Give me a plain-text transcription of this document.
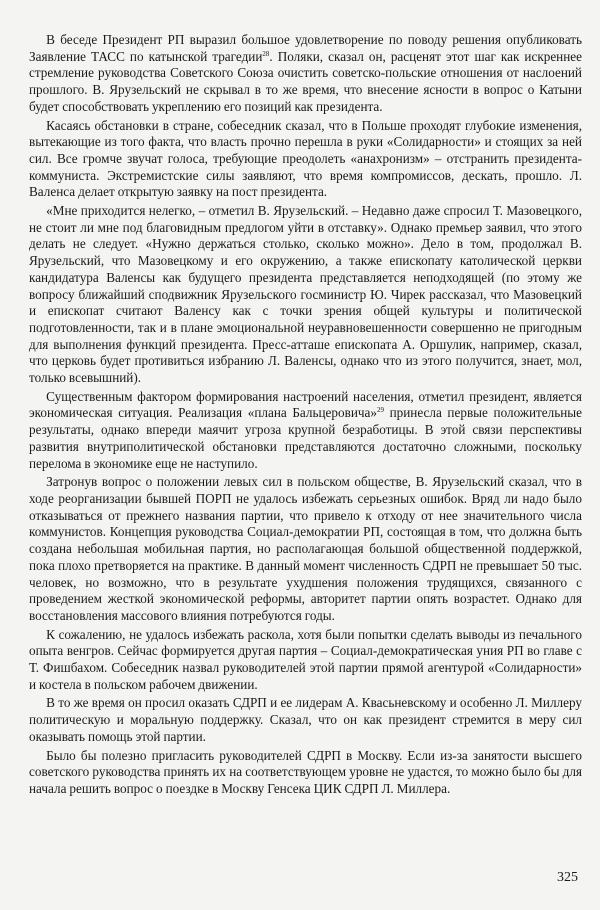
В беседе Президент РП выразил большое удовлетворение по поводу решения опубликовать Заявление ТАСС по катынской трагедии$^{28}$. Поляки, сказал он, расценят этот шаг как искреннее стремление руководства Советского Союза очистить советско-польские отношения от наслоений прошлого. В. Ярузельский не скрывал в то же время, что внесение ясности в вопрос о Катыни будет способствовать укреплению его позиций как президента.

Касаясь обстановки в стране, собеседник сказал, что в Польше проходят глубокие изменения, вытекающие из того факта, что власть прочно перешла в руки «Солидарности» и стоящих за ней сил. Все громче звучат голоса, требующие преодолеть «анахронизм» – отстранить президента-коммуниста. Экстремистские силы заявляют, что время компромиссов, дескать, прошло. Л. Валенса делает открытую заявку на пост президента.

«Мне приходится нелегко, – отметил В. Ярузельский. – Недавно даже спросил Т. Мазовецкого, не стоит ли мне под благовидным предлогом уйти в отставку». Однако премьер заявил, что этого делать не следует. «Нужно держаться столько, сколько можно». Дело в том, продолжал В. Ярузельский, что Мазовецкому и его окружению, а также епископату католической церкви кандидатура Валенсы как будущего президента представляется неподходящей (по этому же вопросу ближайший сподвижник Ярузельского госминистр Ю. Чирек рассказал, что Мазовецкий и епископат считают Валенсу как с точки зрения общей культуры и политической подготовленности, так и в плане эмоциональной неуравновешенности совершенно не пригодным для выполнения функций президента. Пресс-атташе епископата А. Оршулик, например, сказал, что церковь будет противиться избранию Л. Валенсы, однако что из этого получится, знает, мол, только всевышний).

Существенным фактором формирования настроений населения, отметил президент, является экономическая ситуация. Реализация «плана Бальцеровича»$^{29}$ принесла первые положительные результаты, однако впереди маячит угроза крупной безработицы. В этой связи перспективы развития внутриполитической обстановки представляются достаточно сложными, поскольку перелома в экономике еще не наступило.

Затронув вопрос о положении левых сил в польском обществе, В. Ярузельский сказал, что в ходе реорганизации бывшей ПОРП не удалось избежать серьезных ошибок. Вряд ли надо было отказываться от прежнего названия партии, что привело к отходу от нее значительного числа коммунистов. Концепция руководства Социал-демократии РП, состоящая в том, что должна быть создана небольшая мобильная партия, но располагающая большой общественной поддержкой, пока плохо претворяется на практике. В данный момент численность СДРП не превышает 50 тыс. человек, но возможно, что в результате ухудшения положения трудящихся, связанного с проведением жесткой экономической реформы, авторитет партии опять возрастет. Однако для восстановления массового влияния потребуются годы.

К сожалению, не удалось избежать раскола, хотя были попытки сделать выводы из печального опыта венгров. Сейчас формируется другая партия – Социал-демократическая уния РП во главе с Т. Фишбахом. Собеседник назвал руководителей этой партии прямой агентурой «Солидарности» и костела в польском рабочем движении.

В то же время он просил оказать СДРП и ее лидерам А. Квасьневскому и особенно Л. Миллеру политическую и моральную поддержку. Сказал, что он как президент стремится в меру сил оказывать помощь этой партии.

Было бы полезно пригласить руководителей СДРП в Москву. Если из-за занятости высшего советского руководства принять их на соответствующем уровне не удастся, то можно было бы для начала решить вопрос о поездке в Москву Генсека ЦИК СДРП Л. Миллера.

325
